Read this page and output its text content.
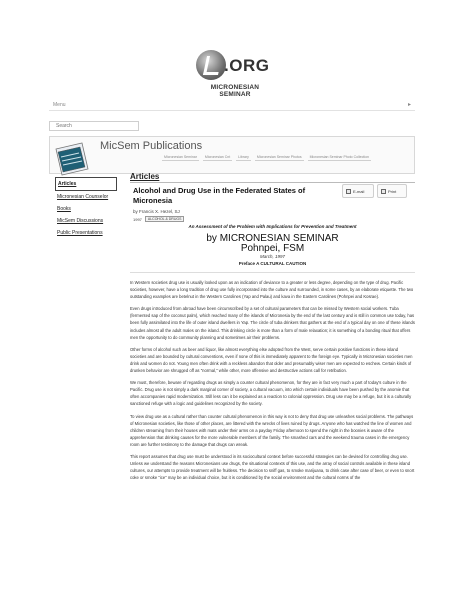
.ORG
MICRONESIAN SEMINAR
Menu	▸
Search
MicSem Publications
Micronesian Seminar	Micronesian Cnt	Library	Micronesian Seminar Photos	Micronesian Seminar Photo Collection
Articles
Micronesian Counselor
Books
MicSem Discussions
Public Presentations
Articles
Alcohol and Drug Use in the Federated States of Micronesia
by Francis X. Hezel, SJ
1997	ALCOHOL & DRUGS
E-mail	Print
An Assessment of the Problem with Implications for Prevention and Treatment
by MICRONESIAN SEMINAR
Pohnpei, FSM
March, 1997
Preface A CULTURAL CAUTION

In Western societies drug use is usually looked upon as an indication of deviance to a greater or less degree, depending on the type of drug. Pacific societies, however, have a long tradition of drug use fully incorporated into the culture and surrounded, in some cases, by an elaborate etiquette. The two outstanding examples are betelnut in the Western Carolines (Yap and Palau) and kava in the Eastern Carolines (Pohnpei and Kosrae).

Even drugs introduced from abroad have been circumscribed by a set of cultural parameters that can be missed by Western social workers. Tuba (fermented sap of the coconut palm), which reached many of the islands of Micronesia by the end of the last century and is still in common use today, has been fully assimilated into the life of outer island dwellers in Yap. The circle of tuba drinkers that gathers at the end of a typical day on one of these islands includes almost all the adult males on the island. This drinking circle is more than a form of male relaxation; it is something of a bonding ritual that offers men the opportunity to do community planning and sometimes air their problems.

Other forms of alcohol such as beer and liquor, like almost everything else adopted from the West, serve certain positive functions in these island societies and are bounded by cultural conventions, even if none of this is immediately apparent to the foreign eye. Typically in Micronesian societies men drink and women do not. Young men often drink with a reckless abandon that older and presumably wiser men are expected to eschew. Certain kinds of drunken behavior are shrugged off as "normal," while other, more offensive and destructive actions call for retribution.

We must, therefore, beware of regarding drugs as simply a counter cultural phenomenon, for they are in fact very much a part of today's culture in the Pacific. Drug use is not simply a dark marginal corner of society, a cultural vacuum, into which certain individuals have been pushed by the anomie that often accompanies rapid modernization. Still less can it be explained as a reaction to colonial oppression. Drug use may be a refuge, but it is a culturally sanctioned refuge with a logic and guidelines recognized by the society.

To view drug use as a cultural rather than counter cultural phenomenon in this way is not to deny that drug use unleashes social problems. The pathways of Micronesian societies, like those of other places, are littered with the wrecks of lives ruined by drugs. Anyone who has watched the line of women and children streaming from their houses with mats under their arms on a payday Friday afternoon to spend the night in the boonies is aware of the apprehension that drinking causes for the more vulnerable members of the family. The smashed cars and the weekend trauma cases in the emergency room are further testimony to the damage that drugs can wreak.

This report assumes that drug use must be understood in its sociocultural context before successful strategies can be devised for controlling drug use. Unless we understand the reasons Micronesians use drugs, the situational contexts of this use, and the array of social controls available in these island cultures, our attempts to provide treatment will be fruitless. The decision to sniff gas, to smoke marijuana, to drink case after case of beer, or even to snort coke or smoke "ice" may be an individual choice, but it is conditioned by the social environment and the cultural norms of the
